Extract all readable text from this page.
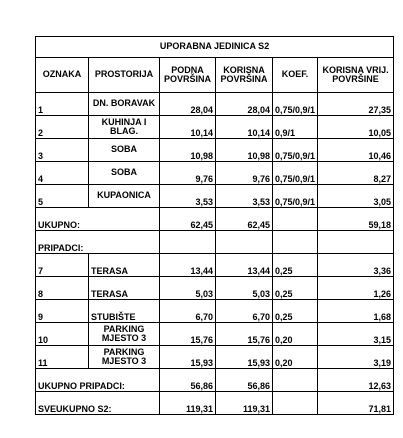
UPORABNA JEDINICA S2					
OZNAKA	PROSTORIJA	PODNA POVRŠINA	KORISNA POVRŠINA	KOEF.	KORISNA VRIJ. POVRŠINE
1	DN. BORAVAK	28,04	28,04	0,75/0,9/1	27,35
2	KUHINJA I BLAG.	10,14	10,14	0,9/1	10,05
3	SOBA	10,98	10,98	0,75/0,9/1	10,46
4	SOBA	9,76	9,76	0,75/0,9/1	8,27
5	KUPAONICA	3,53	3,53	0,75/0,9/1	3,05
UKUPNO:		62,45	62,45		59,18
PRIPADCI:					
7	TERASA	13,44	13,44	0,25	3,36
8	TERASA	5,03	5,03	0,25	1,26
9	STUBIŠTE	6,70	6,70	0,25	1,68
10	PARKING MJESTO 3	15,76	15,76	0,20	3,15
11	PARKING MJESTO 3	15,93	15,93	0,20	3,19
UKUPNO PRIPADCI:		56,86	56,86		12,63
SVEUKUPNO S2:		119,31	119,31		71,81
